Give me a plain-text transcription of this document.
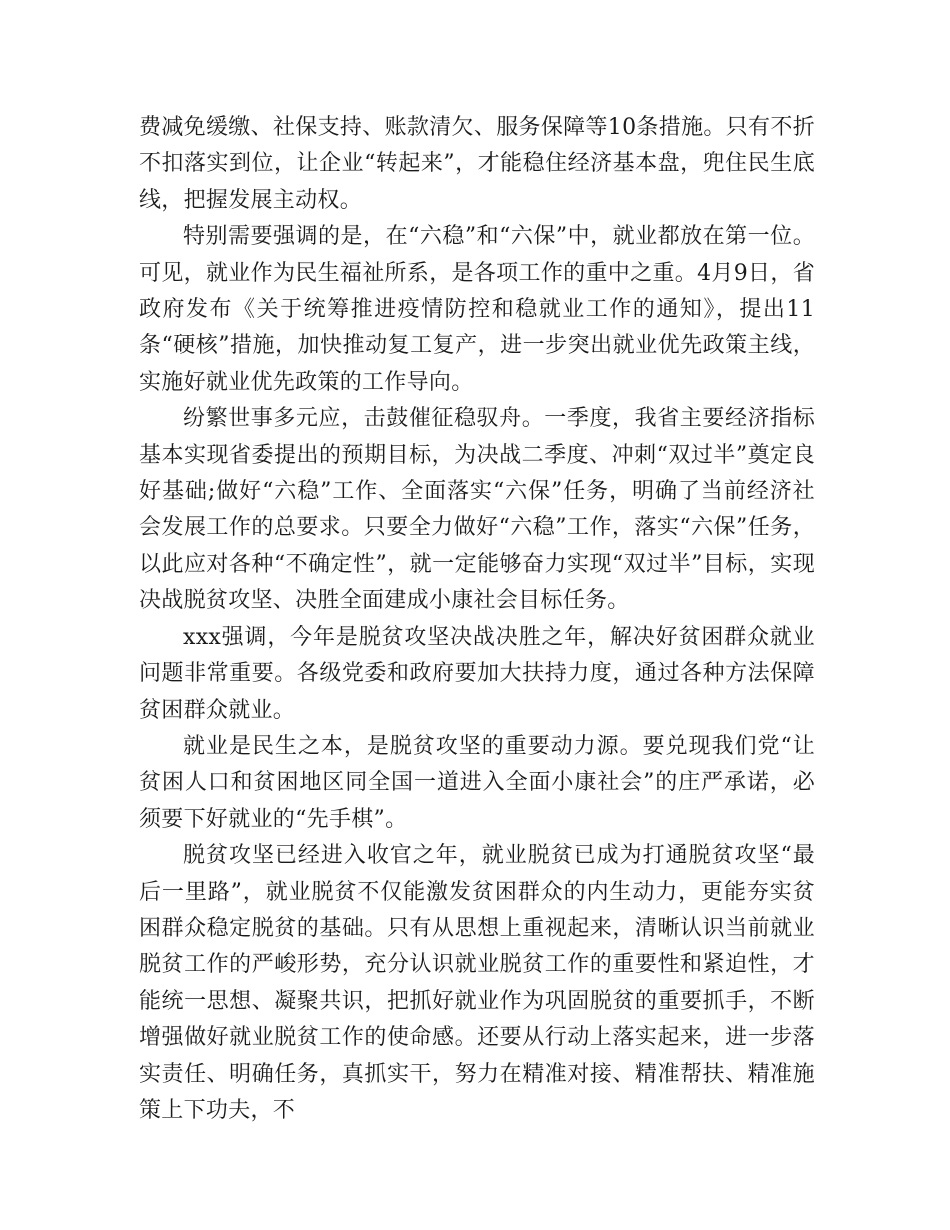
费减免缓缴、社保支持、账款清欠、服务保障等10条措施。只有不折不扣落实到位，让企业“转起来”，才能稳住经济基本盘，兜住民生底线，把握发展主动权。

特别需要强调的是，在“六稳”和“六保”中，就业都放在第一位。可见，就业作为民生福祉所系，是各项工作的重中之重。4月9日，省政府发布《关于统筹推进疫情防控和稳就业工作的通知》，提出11条“硬核”措施，加快推动复工复产，进一步突出就业优先政策主线，实施好就业优先政策的工作导向。

纷繁世事多元应，击鼓催征稳驭舟。一季度，我省主要经济指标基本实现省委提出的预期目标，为决战二季度、冲刺“双过半”奠定良好基础;做好“六稳”工作、全面落实“六保”任务，明确了当前经济社会发展工作的总要求。只要全力做好“六稳”工作，落实“六保”任务，以此应对各种“不确定性”，就一定能够奋力实现“双过半”目标，实现决战脱贫攻坚、决胜全面建成小康社会目标任务。

xxx强调，今年是脱贫攻坚决战决胜之年，解决好贫困群众就业问题非常重要。各级党委和政府要加大扶持力度，通过各种方法保障贫困群众就业。

就业是民生之本，是脱贫攻坚的重要动力源。要兑现我们党“让贫困人口和贫困地区同全国一道进入全面小康社会”的庄严承诺，必须要下好就业的“先手棋”。

脱贫攻坚已经进入收官之年，就业脱贫已成为打通脱贫攻坚“最后一里路”，就业脱贫不仅能激发贫困群众的内生动力，更能夯实贫困群众稳定脱贫的基础。只有从思想上重视起来，清晰认识当前就业脱贫工作的严峻形势，充分认识就业脱贫工作的重要性和紧迫性，才能统一思想、凝聚共识，把抓好就业作为巩固脱贫的重要抓手，不断增强做好就业脱贫工作的使命感。还要从行动上落实起来，进一步落实责任、明确任务，真抓实干，努力在精准对接、精准帮扶、精准施策上下功夫，不
